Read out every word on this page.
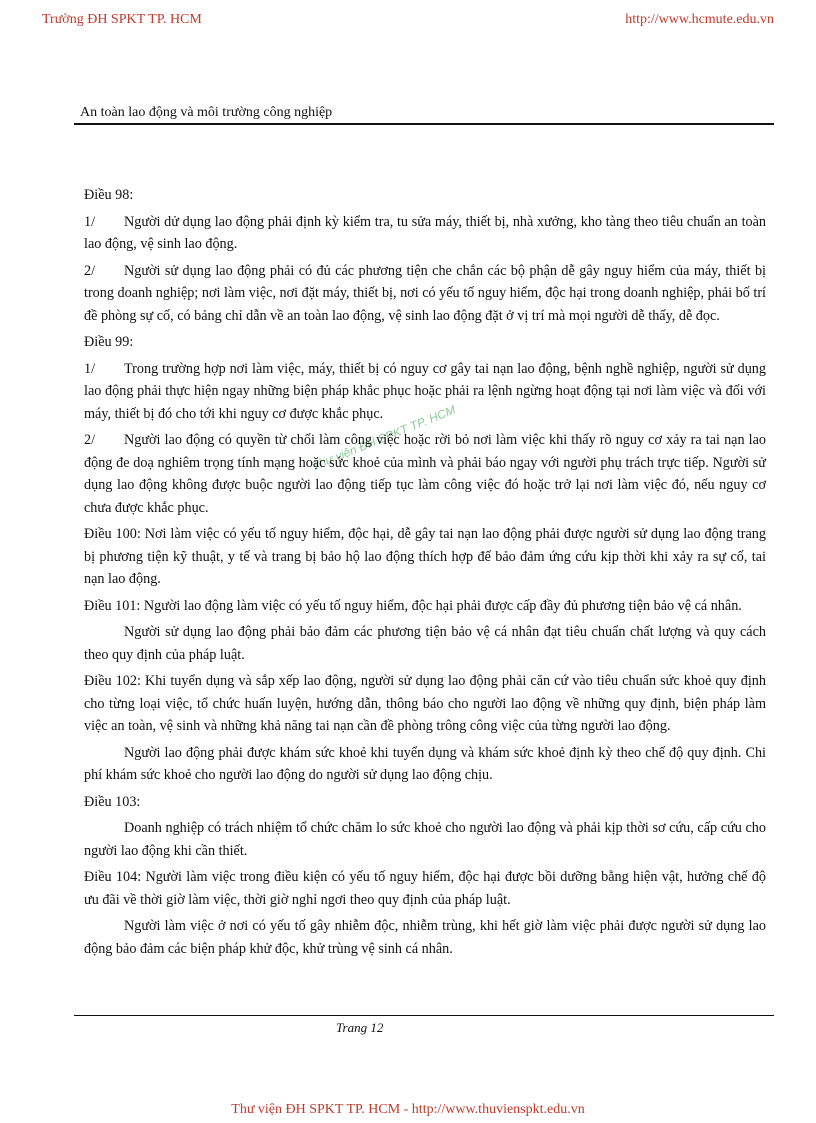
Trường ĐH SPKT TP. HCM	http://www.hcmute.edu.vn
An toàn lao động và môi trường công nghiệp
Thư viện ĐH SPKT TP. HCM

Điều 98:

1/ Người dử dụng lao động phải định kỳ kiểm tra, tu sửa máy, thiết bị, nhà xưởng, kho tàng theo tiêu chuẩn an toàn lao động, vệ sinh lao động.

2/ Người sử dụng lao động phải có đủ các phương tiện che chắn các bộ phận dễ gây nguy hiểm của máy, thiết bị trong doanh nghiệp; nơi làm việc, nơi đặt máy, thiết bị, nơi có yếu tố nguy hiểm, độc hại trong doanh nghiệp, phải bố trí đề phòng sự cố, có bảng chỉ dẫn về an toàn lao động, vệ sinh lao động đặt ở vị trí mà mọi người dễ thấy, dễ đọc.

Điều 99:

1/ Trong trường hợp nơi làm việc, máy, thiết bị có nguy cơ gây tai nạn lao động, bệnh nghề nghiệp, người sử dụng lao động phải thực hiện ngay những biện pháp khắc phục hoặc phải ra lệnh ngừng hoạt động tại nơi làm việc và đối với máy, thiết bị đó cho tới khi nguy cơ được khắc phục.

2/ Người lao động có quyền từ chối làm công việc hoặc rời bỏ nơi làm việc khi thấy rõ nguy cơ xảy ra tai nạn lao động đe doạ nghiêm trọng tính mạng hoặc sức khoẻ của mình và phải báo ngay với người phụ trách trực tiếp. Người sử dụng lao động không được buộc người lao động tiếp tục làm công việc đó hoặc trở lại nơi làm việc đó, nếu nguy cơ chưa được khắc phục.

Điều 100: Nơi làm việc có yếu tố nguy hiểm, độc hại, dễ gây tai nạn lao động phải được người sử dụng lao động trang bị phương tiện kỹ thuật, y tế và trang bị bảo hộ lao động thích hợp để bảo đảm ứng cứu kịp thời khi xảy ra sự cố, tai nạn lao động.

Điều 101: Người lao động làm việc có yếu tố nguy hiểm, độc hại phải được cấp đầy đủ phương tiện bảo vệ cá nhân.

Người sử dụng lao động phải bảo đảm các phương tiện bảo vệ cá nhân đạt tiêu chuẩn chất lượng và quy cách theo quy định của pháp luật.

Điều 102: Khi tuyển dụng và sắp xếp lao động, người sử dụng lao động phải căn cứ vào tiêu chuẩn sức khoẻ quy định cho từng loại việc, tổ chức huấn luyện, hướng dẫn, thông báo cho người lao động về những quy định, biện pháp làm việc an toàn, vệ sinh và những khả năng tai nạn cần đề phòng trông công việc của từng người lao động.

Người lao động phải được khám sức khoẻ khi tuyển dụng và khám sức khoẻ định kỳ theo chế độ quy định. Chi phí khám sức khoẻ cho người lao động do người sử dụng lao động chịu.

Điều 103:

Doanh nghiệp có trách nhiệm tổ chức chăm lo sức khoẻ cho người lao động và phải kịp thời sơ cứu, cấp cứu cho người lao động khi cần thiết.

Điều 104: Người làm việc trong điều kiện có yếu tố nguy hiểm, độc hại được bồi dưỡng bằng hiện vật, hưởng chế độ ưu đãi về thời giờ làm việc, thời giờ nghỉ ngơi theo quy định của pháp luật.

Người làm việc ở nơi có yếu tố gây nhiễm độc, nhiễm trùng, khi hết giờ làm việc phải được người sử dụng lao động bảo đảm các biện pháp khử độc, khử trùng vệ sinh cá nhân.

Trang 12
Thư viện ĐH SPKT TP. HCM - http://www.thuvienspkt.edu.vn
